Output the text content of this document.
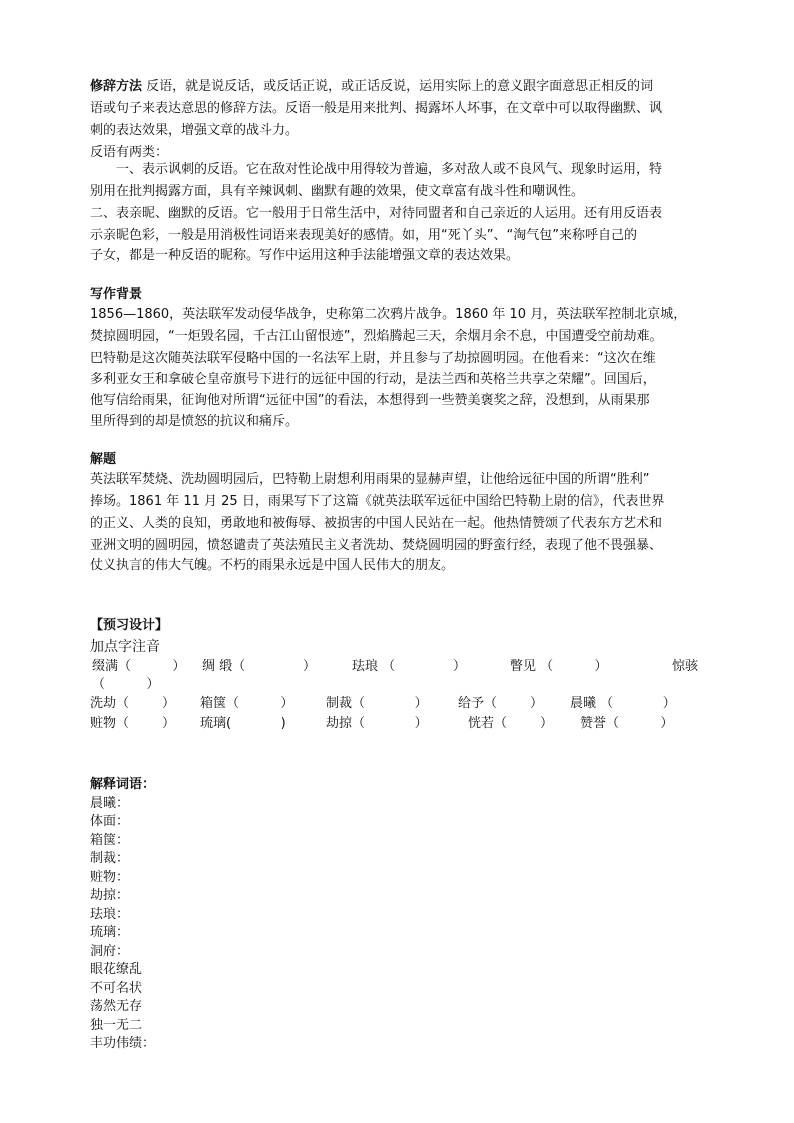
修辞方法 反语，就是说反话，或反话正说，或正话反说，运用实际上的意义跟字面意思正相反的词
语或句子来表达意思的修辞方法。反语一般是用来批判、揭露坏人坏事，在文章中可以取得幽默、讽
刺的表达效果，增强文章的战斗力。
反语有两类：
一、表示讽刺的反语。它在敌对性论战中用得较为普遍，多对敌人或不良风气、现象时运用，特
别用在批判揭露方面，具有辛辣讽刺、幽默有趣的效果，使文章富有战斗性和嘲讽性。
二、表亲昵、幽默的反语。它一般用于日常生活中，对待同盟者和自己亲近的人运用。还有用反语表
示亲昵色彩，一般是用消极性词语来表现美好的感情。如，用“死丫头”、“淘气包”来称呼自己的
子女，都是一种反语的昵称。写作中运用这种手法能增强文章的表达效果。
写作背景
1856—1860，英法联军发动侵华战争，史称第二次鸦片战争。1860 年 10 月，英法联军控制北京城，
焚掠圆明园，“一炬毁名园，千古江山留恨迹”，烈焰腾起三天，余烟月余不息，中国遭受空前劫难。
巴特勒是这次随英法联军侵略中国的一名法军上尉，并且参与了劫掠圆明园。在他看来：“这次在维
多利亚女王和拿破仑皇帝旗号下进行的远征中国的行动，是法兰西和英格兰共享之荣耀”。回国后，
他写信给雨果，征询他对所谓“远征中国”的看法，本想得到一些赞美褒奖之辞，没想到，从雨果那
里所得到的却是愤怒的抗议和痛斥。
解题
英法联军焚烧、洗劫圆明园后，巴特勒上尉想利用雨果的显赫声望，让他给远征中国的所谓“胜利”
捧场。1861 年 11 月 25 日，雨果写下了这篇《就英法联军远征中国给巴特勒上尉的信》，代表世界
的正义、人类的良知，勇敢地和被侮辱、被损害的中国人民站在一起。他热情赞颂了代表东方艺术和
亚洲文明的圆明园，愤怒谴责了英法殖民主义者洗劫、焚烧圆明园的野蛮行经，表现了他不畏强暴、
仗义执言的伟大气魄。不朽的雨果永远是中国人民伟大的朋友。
【预习设计】
加点字注音
缀满（          ） 绸 缎（              ）	珐琅 （              ）	瞥见 （          ）	惊骇
（          ）
洗劫（        ） 箱箧（          ）	制裁（            ） 给予（        ） 晨曦 （            ）
赃物（        ） 琉璃(            )	劫掠（            ）	恍若（        ） 赞誉（          ）
解释词语：
晨曦：
体面：
箱箧：
制裁：
赃物：
劫掠：
珐琅：
琉璃：
洞府：
眼花缭乱
不可名状
荡然无存
独一无二
丰功伟绩：
